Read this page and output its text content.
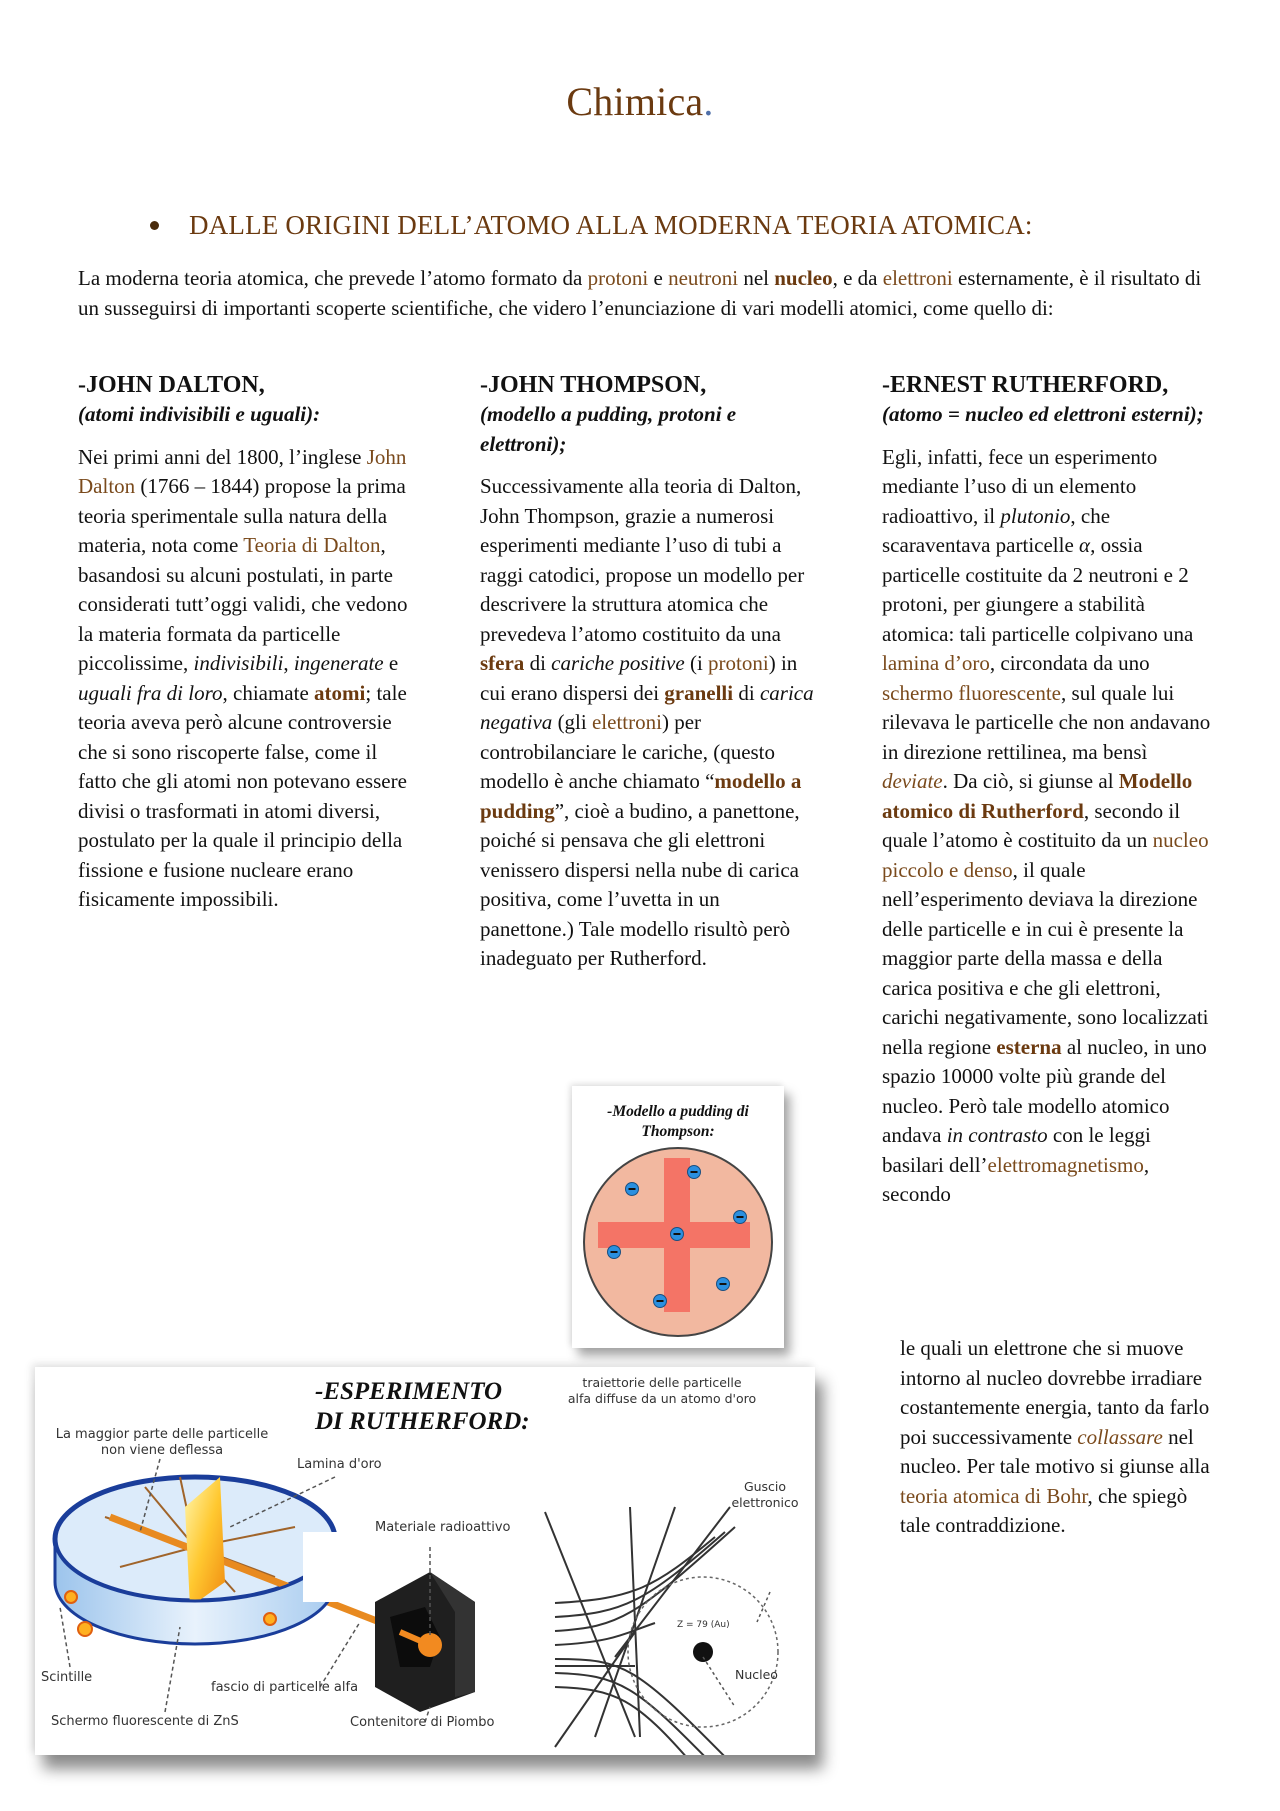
Chimica.
DALLE ORIGINI DELL’ATOMO ALLA MODERNA TEORIA ATOMICA:

La moderna teoria atomica, che prevede l’atomo formato da protoni e neutroni nel nucleo, e da elettroni esternamente, è il risultato di un susseguirsi di importanti scoperte scientifiche, che videro l’enunciazione di vari modelli atomici, come quello di:

-JOHN DALTON,
(atomi indivisibili e uguali):

Nei primi anni del 1800, l’inglese John Dalton (1766 – 1844) propose la prima teoria sperimentale sulla natura della materia, nota come Teoria di Dalton, basandosi su alcuni postulati, in parte considerati tutt’oggi validi, che vedono la materia formata da particelle piccolissime, indivisibili, ingenerate e uguali fra di loro, chiamate atomi; tale teoria aveva però alcune controversie che si sono riscoperte false, come il fatto che gli atomi non potevano essere divisi o trasformati in atomi diversi, postulato per la quale il principio della fissione e fusione nucleare erano fisicamente impossibili.

-JOHN THOMPSON,
(modello a pudding, protoni e elettroni);

Successivamente alla teoria di Dalton, John Thompson, grazie a numerosi esperimenti mediante l’uso di tubi a raggi catodici, propose un modello per descrivere la struttura atomica che prevedeva l’atomo costituito da una sfera di cariche positive (i protoni) in cui erano dispersi dei granelli di carica negativa (gli elettroni) per controbilanciare le cariche, (questo modello è anche chiamato “modello a pudding”, cioè a budino, a panettone, poiché si pensava che gli elettroni venissero dispersi nella nube di carica positiva, come l’uvetta in un panettone.) Tale modello risultò però inadeguato per Rutherford.

-ERNEST RUTHERFORD,
(atomo = nucleo ed elettroni esterni);

Egli, infatti, fece un esperimento mediante l’uso di un elemento radioattivo, il plutonio, che scaraventava particelle α, ossia particelle costituite da 2 neutroni e 2 protoni, per giungere a stabilità atomica: tali particelle colpivano una lamina d’oro, circondata da uno schermo fluorescente, sul quale lui rilevava le particelle che non andavano in direzione rettilinea, ma bensì deviate. Da ciò, si giunse al Modello atomico di Rutherford, secondo il quale l’atomo è costituito da un nucleo piccolo e denso, il quale nell’esperimento deviava la direzione delle particelle e in cui è presente la maggior parte della massa e della carica positiva e che gli elettroni, carichi negativamente, sono localizzati nella regione esterna al nucleo, in uno spazio 10000 volte più grande del nucleo. Però tale modello atomico andava in contrasto con le leggi basilari dell’elettromagnetismo, secondo

le quali un elettrone che si muove intorno al nucleo dovrebbe irradiare costantemente energia, tanto da farlo poi successivamente collassare nel nucleo. Per tale motivo si giunse alla teoria atomica di Bohr, che spiegò tale contraddizione.

-Modello a pudding di Thompson:
-ESPERIMENTO
DI RUTHERFORD:
La maggior parte delle particelle
non viene deflessa
Lamina d'oro
Materiale radioattivo
Scintille
fascio di particelle alfa
Schermo fluorescente di ZnS	Contenitore di Piombo
traiettorie delle particelle
alfa diffuse da un atomo d'oro
Guscio
elettronico
Z = 79 (Au)
Nucleo
